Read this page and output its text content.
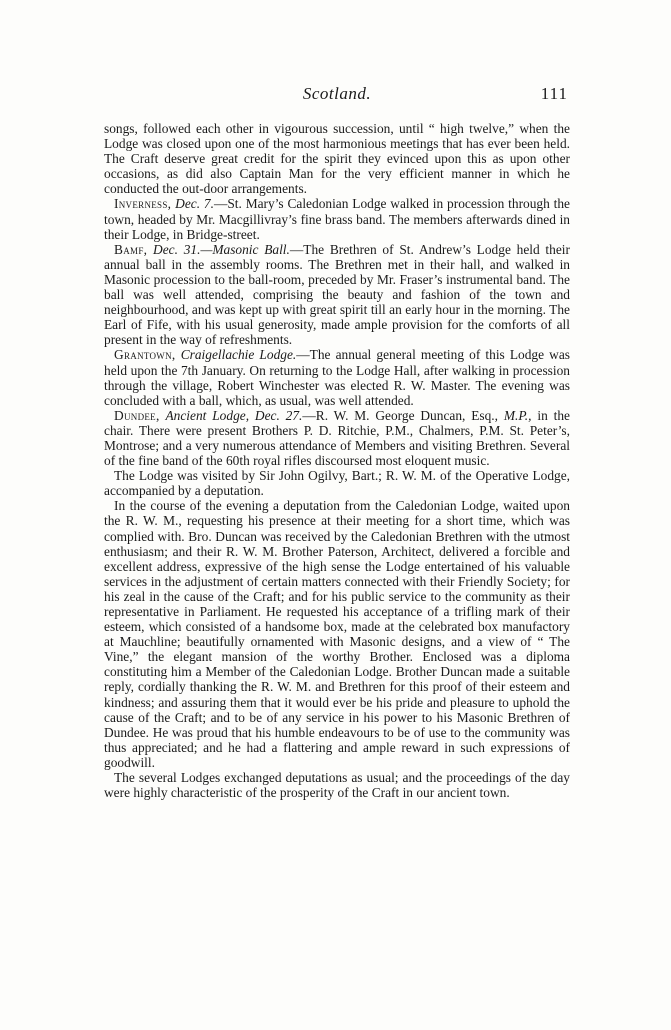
Scotland.	111

songs, followed each other in vigourous succession, until “ high twelve,” when the Lodge was closed upon one of the most harmonious meetings that has ever been held. The Craft deserve great credit for the spirit they evinced upon this as upon other occasions, as did also Captain Man for the very efficient manner in which he conducted the out-door arrangements.

Inverness, Dec. 7.—St. Mary’s Caledonian Lodge walked in procession through the town, headed by Mr. Macgillivray’s fine brass band. The members afterwards dined in their Lodge, in Bridge-street.

Bamf, Dec. 31.—Masonic Ball.—The Brethren of St. Andrew’s Lodge held their annual ball in the assembly rooms. The Brethren met in their hall, and walked in Masonic procession to the ball-room, preceded by Mr. Fraser’s instrumental band. The ball was well attended, comprising the beauty and fashion of the town and neighbourhood, and was kept up with great spirit till an early hour in the morning. The Earl of Fife, with his usual generosity, made ample provision for the comforts of all present in the way of refreshments.

Grantown, Craigellachie Lodge.—The annual general meeting of this Lodge was held upon the 7th January. On returning to the Lodge Hall, after walking in procession through the village, Robert Winchester was elected R. W. Master. The evening was concluded with a ball, which, as usual, was well attended.

Dundee, Ancient Lodge, Dec. 27.—R. W. M. George Duncan, Esq., M.P., in the chair. There were present Brothers P. D. Ritchie, P.M., Chalmers, P.M. St. Peter’s, Montrose; and a very numerous attendance of Members and visiting Brethren. Several of the fine band of the 60th royal rifles discoursed most eloquent music.

The Lodge was visited by Sir John Ogilvy, Bart.; R. W. M. of the Operative Lodge, accompanied by a deputation.

In the course of the evening a deputation from the Caledonian Lodge, waited upon the R. W. M., requesting his presence at their meeting for a short time, which was complied with. Bro. Duncan was received by the Caledonian Brethren with the utmost enthusiasm; and their R. W. M. Brother Paterson, Architect, delivered a forcible and excellent address, expressive of the high sense the Lodge entertained of his valuable services in the adjustment of certain matters connected with their Friendly Society; for his zeal in the cause of the Craft; and for his public service to the community as their representative in Parliament. He requested his acceptance of a trifling mark of their esteem, which consisted of a handsome box, made at the celebrated box manufactory at Mauchline; beautifully ornamented with Masonic designs, and a view of “ The Vine,” the elegant mansion of the worthy Brother. Enclosed was a diploma constituting him a Member of the Caledonian Lodge. Brother Duncan made a suitable reply, cordially thanking the R. W. M. and Brethren for this proof of their esteem and kindness; and assuring them that it would ever be his pride and pleasure to uphold the cause of the Craft; and to be of any service in his power to his Masonic Brethren of Dundee. He was proud that his humble endeavours to be of use to the community was thus appreciated; and he had a flattering and ample reward in such expressions of goodwill.

The several Lodges exchanged deputations as usual; and the proceedings of the day were highly characteristic of the prosperity of the Craft in our ancient town.
